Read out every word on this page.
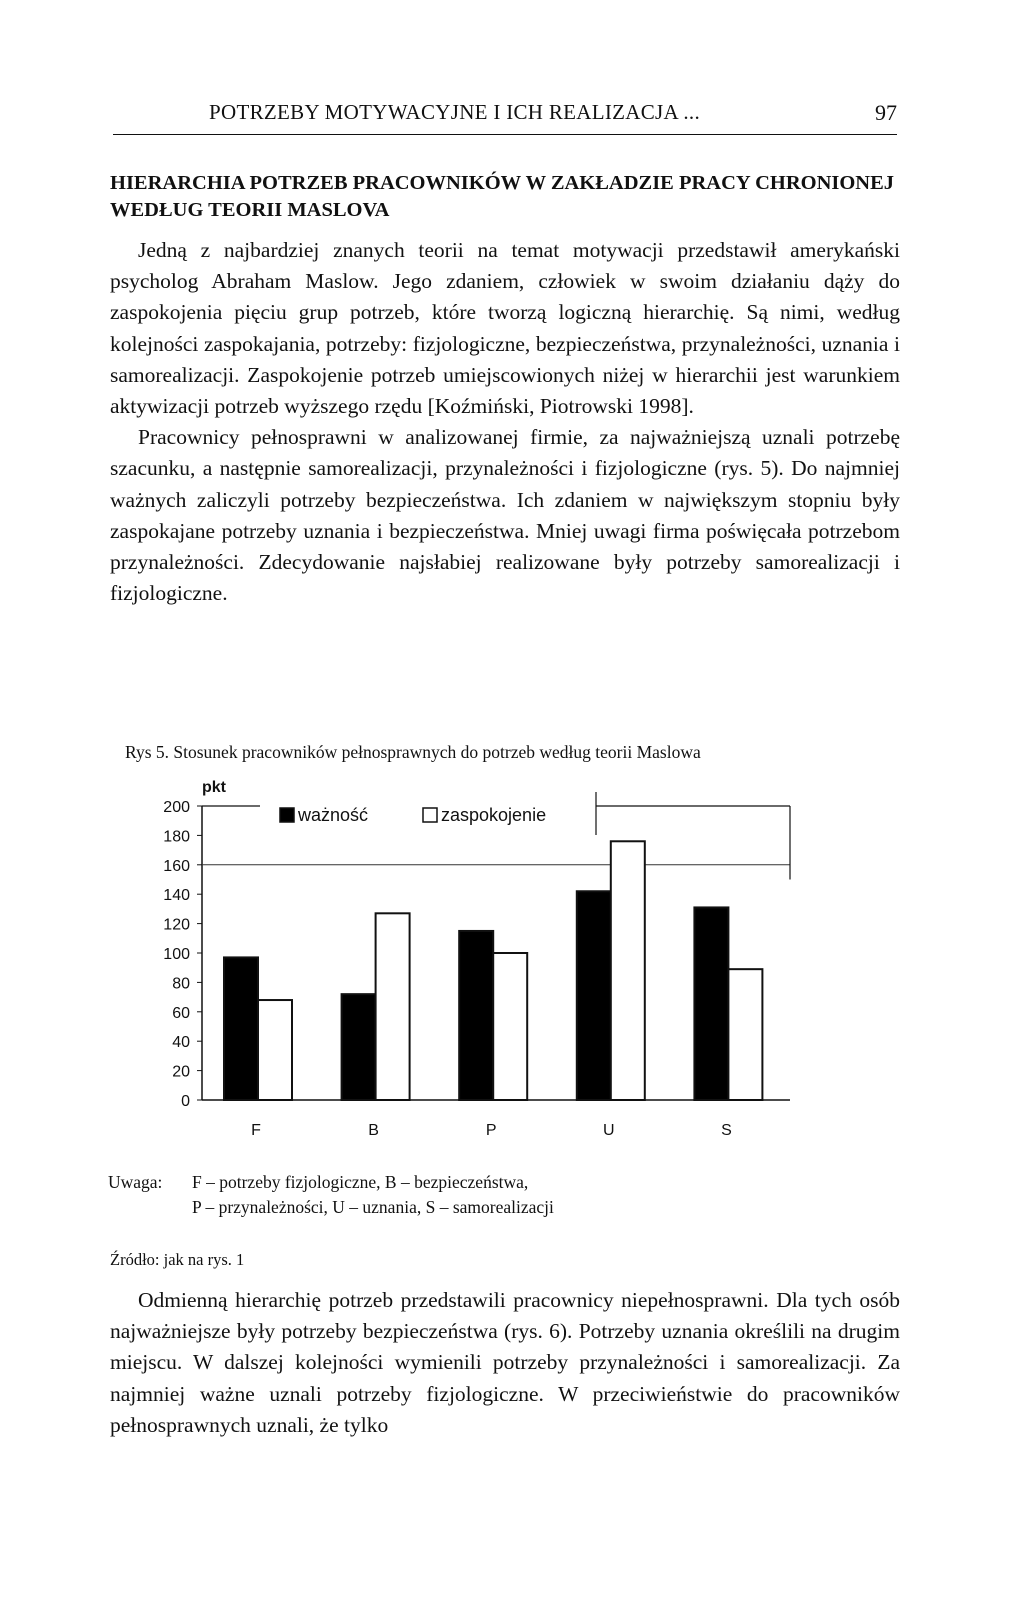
POTRZEBY MOTYWACYJNE I ICH REALIZACJA ...	97
HIERARCHIA POTRZEB PRACOWNIKÓW W ZAKŁADZIE PRACY CHRONIONEJ WEDŁUG TEORII MASLOVA

Jedną z najbardziej znanych teorii na temat motywacji przedstawił amerykański psycholog Abraham Maslow. Jego zdaniem, człowiek w swoim działaniu dąży do zaspokojenia pięciu grup potrzeb, które tworzą logiczną hierarchię. Są nimi, według kolejności zaspokajania, potrzeby: fizjologiczne, bezpieczeństwa, przynależności, uznania i samorealizacji. Zaspokojenie potrzeb umiejscowionych niżej w hierarchii jest warunkiem aktywizacji potrzeb wyższego rzędu [Koźmiński, Piotrowski 1998].

Pracownicy pełnosprawni w analizowanej firmie, za najważniejszą uznali potrzebę szacunku, a następnie samorealizacji, przynależności i fizjologiczne (rys. 5). Do najmniej ważnych zaliczyli potrzeby bezpieczeństwa. Ich zdaniem w największym stopniu były zaspokajane potrzeby uznania i bezpieczeństwa. Mniej uwagi firma poświęcała potrzebom przynależności. Zdecydowanie najsłabiej realizowane były potrzeby samorealizacji i fizjologiczne.

Rys 5. Stosunek pracowników pełnosprawnych do potrzeb według teorii Maslowa
pkt
200
180
160
140
120
100
80
60
40
20
0
F	B	P	U	S
ważność	zaspokojenie
Uwaga: F – potrzeby fizjologiczne, B – bezpieczeństwa,
P – przynależności, U – uznania, S – samorealizacji
Źródło: jak na rys. 1

Odmienną hierarchię potrzeb przedstawili pracownicy niepełnosprawni. Dla tych osób najważniejsze były potrzeby bezpieczeństwa (rys. 6). Potrzeby uznania określili na drugim miejscu. W dalszej kolejności wymienili potrzeby przynależności i samorealizacji. Za najmniej ważne uznali potrzeby fizjologiczne. W przeciwieństwie do pracowników pełnosprawnych uznali, że tylko
